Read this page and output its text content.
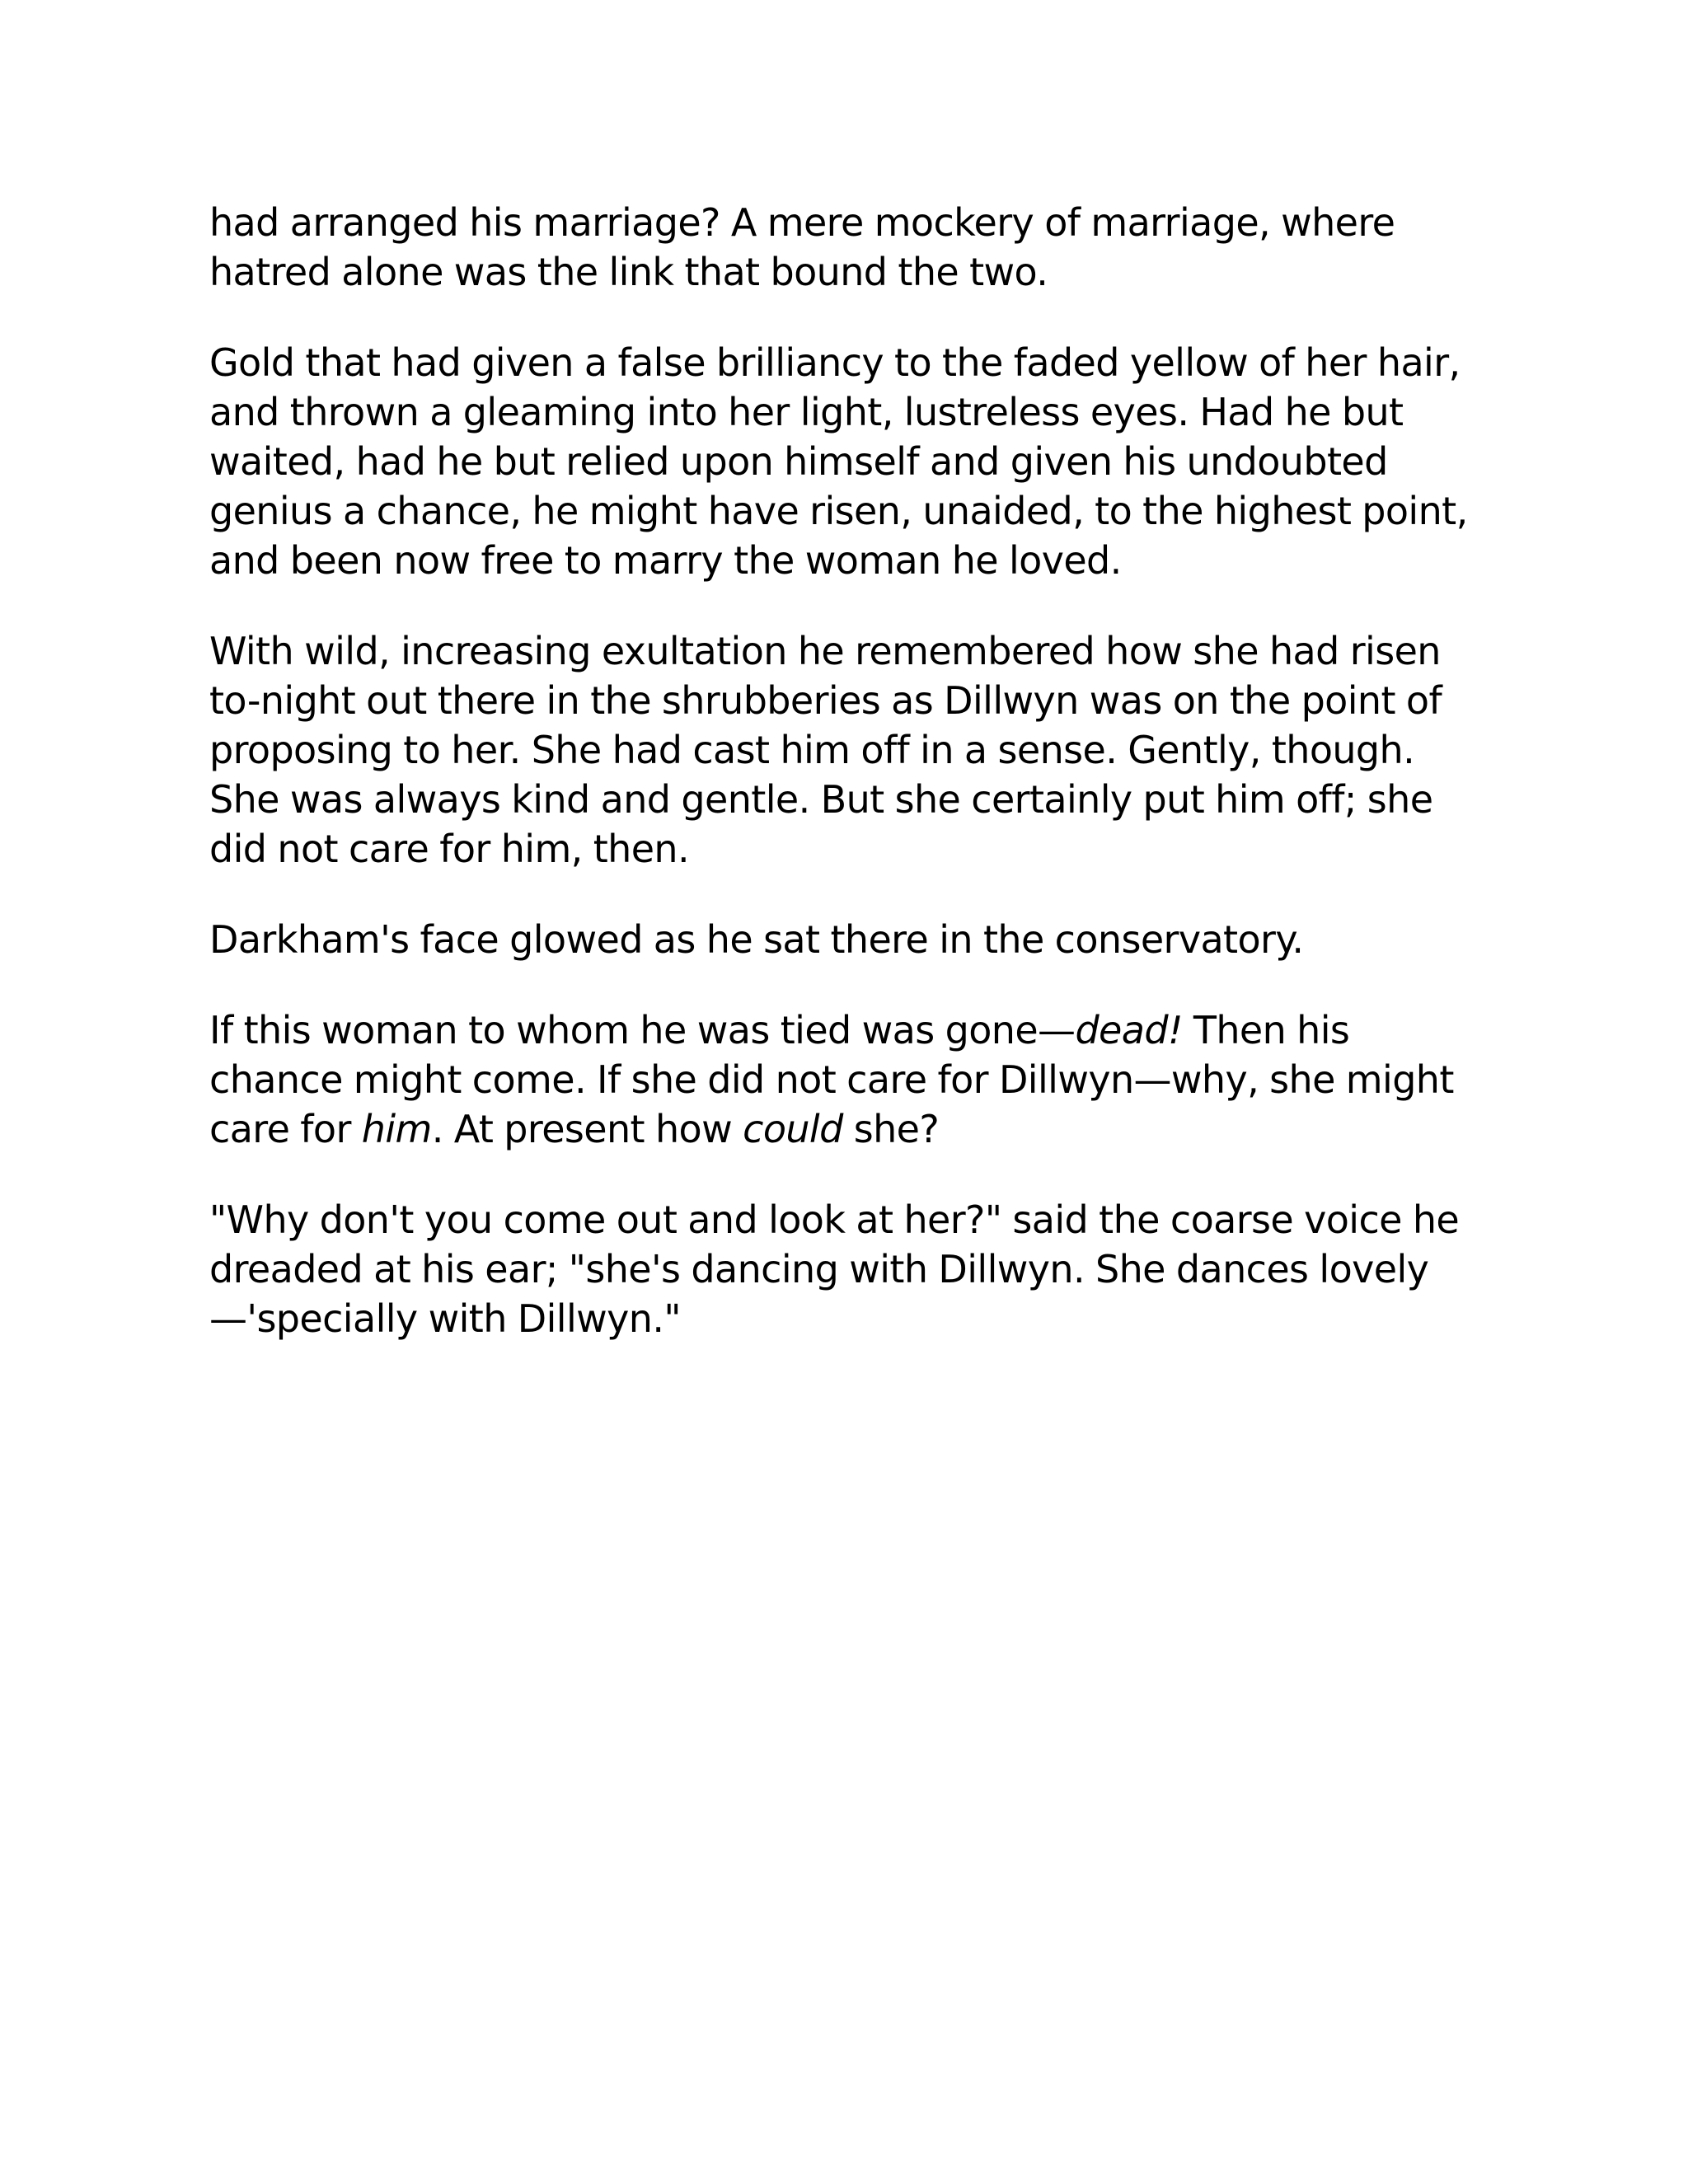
had arranged his marriage? A mere mockery of marriage, where
hatred alone was the link that bound the two.

Gold that had given a false brilliancy to the faded yellow of her hair,
and thrown a gleaming into her light, lustreless eyes. Had he but
waited, had he but relied upon himself and given his undoubted
genius a chance, he might have risen, unaided, to the highest point,
and been now free to marry the woman he loved.

With wild, increasing exultation he remembered how she had risen
to-night out there in the shrubberies as Dillwyn was on the point of
proposing to her. She had cast him off in a sense. Gently, though.
She was always kind and gentle. But she certainly put him off; she
did not care for him, then.

Darkham's face glowed as he sat there in the conservatory.

If this woman to whom he was tied was gone—dead! Then his
chance might come. If she did not care for Dillwyn—why, she might
care for him. At present how could she?

"Why don't you come out and look at her?" said the coarse voice he
dreaded at his ear; "she's dancing with Dillwyn. She dances lovely
—'specially with Dillwyn."
